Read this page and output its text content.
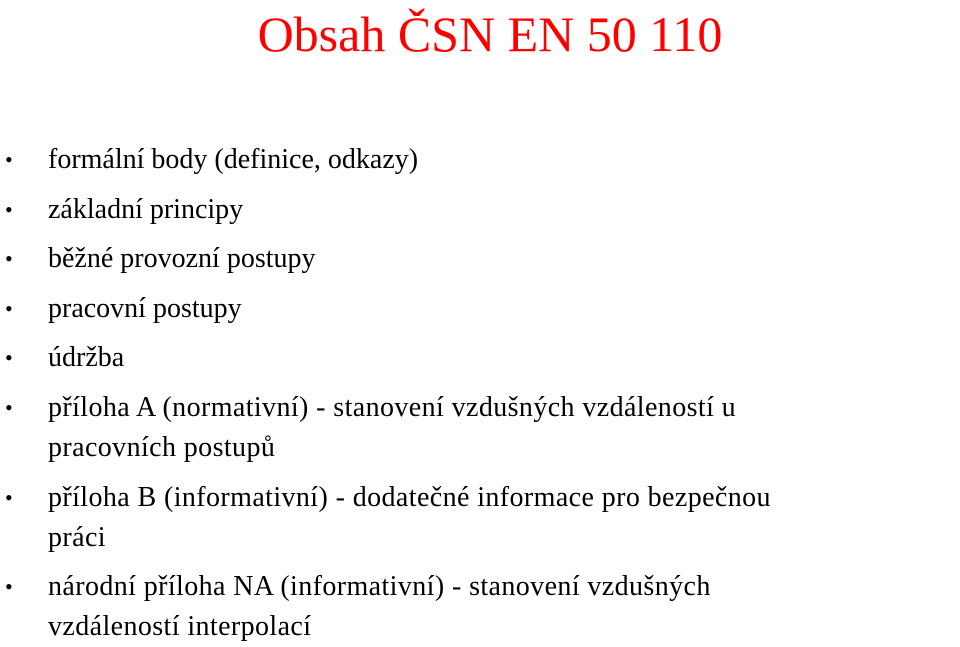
Obsah ČSN EN 50 110
• formální body (definice, odkazy)
• základní principy
• běžné provozní postupy
• pracovní postupy
• údržba
• příloha A (normativní) - stanovení vzdušných vzdáleností u
pracovních postupů
• příloha B (informativní) - dodatečné informace pro bezpečnou
práci
• národní příloha NA (informativní) - stanovení vzdušných
vzdáleností interpolací
